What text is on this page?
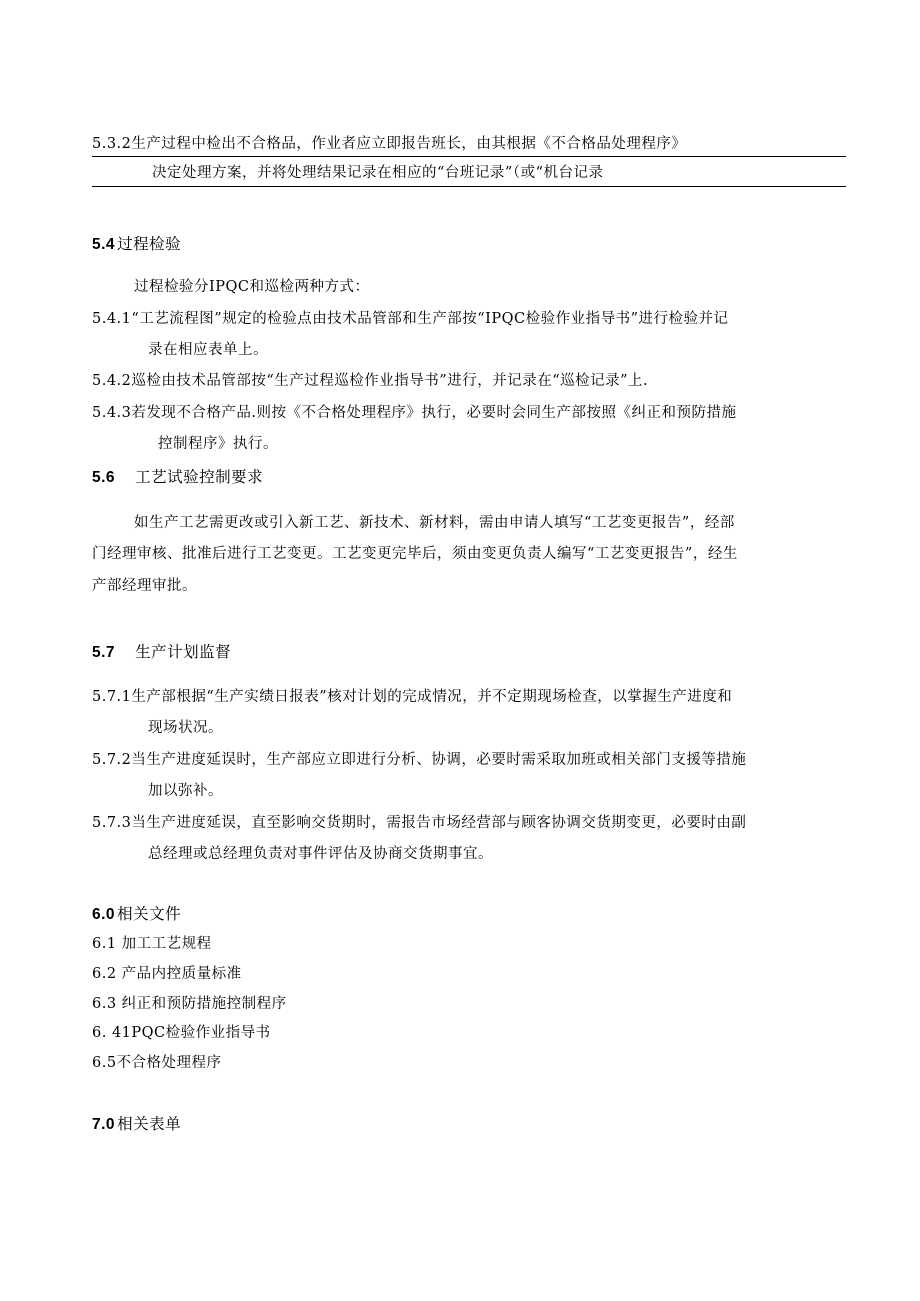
5.3.2生产过程中检出不合格品，作业者应立即报告班长，由其根据《不合格品处理程序》
决定处理方案，并将处理结果记录在相应的“台班记录”（或“机台记录
5.4 过程检验
过程检验分IPQC和巡检两种方式：
5.4.1“工艺流程图”规定的检验点由技术品管部和生产部按“IPQC检验作业指导书”进行检验并记
录在相应表单上。
5.4.2巡检由技术品管部按“生产过程巡检作业指导书”进行，并记录在“巡检记录”上.
5.4.3若发现不合格产品.则按《不合格处理程序》执行，必要时会同生产部按照《纠正和预防措施
控制程序》执行。
5.6 工艺试验控制要求
如生产工艺需更改或引入新工艺、新技术、新材料，需由申请人填写“工艺变更报告”，经部
门经理审核、批准后进行工艺变更。工艺变更完毕后，须由变更负责人编写“工艺变更报告”，经生
产部经理审批。
5.7 生产计划监督
5.7.1生产部根据“生产实绩日报表”核对计划的完成情况，并不定期现场检查，以掌握生产进度和
现场状况。
5.7.2当生产进度延误时，生产部应立即进行分析、协调，必要时需采取加班或相关部门支援等措施
加以弥补。
5.7.3当生产进度延误，直至影响交货期时，需报告市场经营部与顾客协调交货期变更，必要时由副
总经理或总经理负责对事件评估及协商交货期事宜。
6.0 相关文件
6.1 加工工艺规程
6.2 产品内控质量标准
6.3 纠正和预防措施控制程序
6. 41PQC检验作业指导书
6.5不合格处理程序
7.0 相关表单
